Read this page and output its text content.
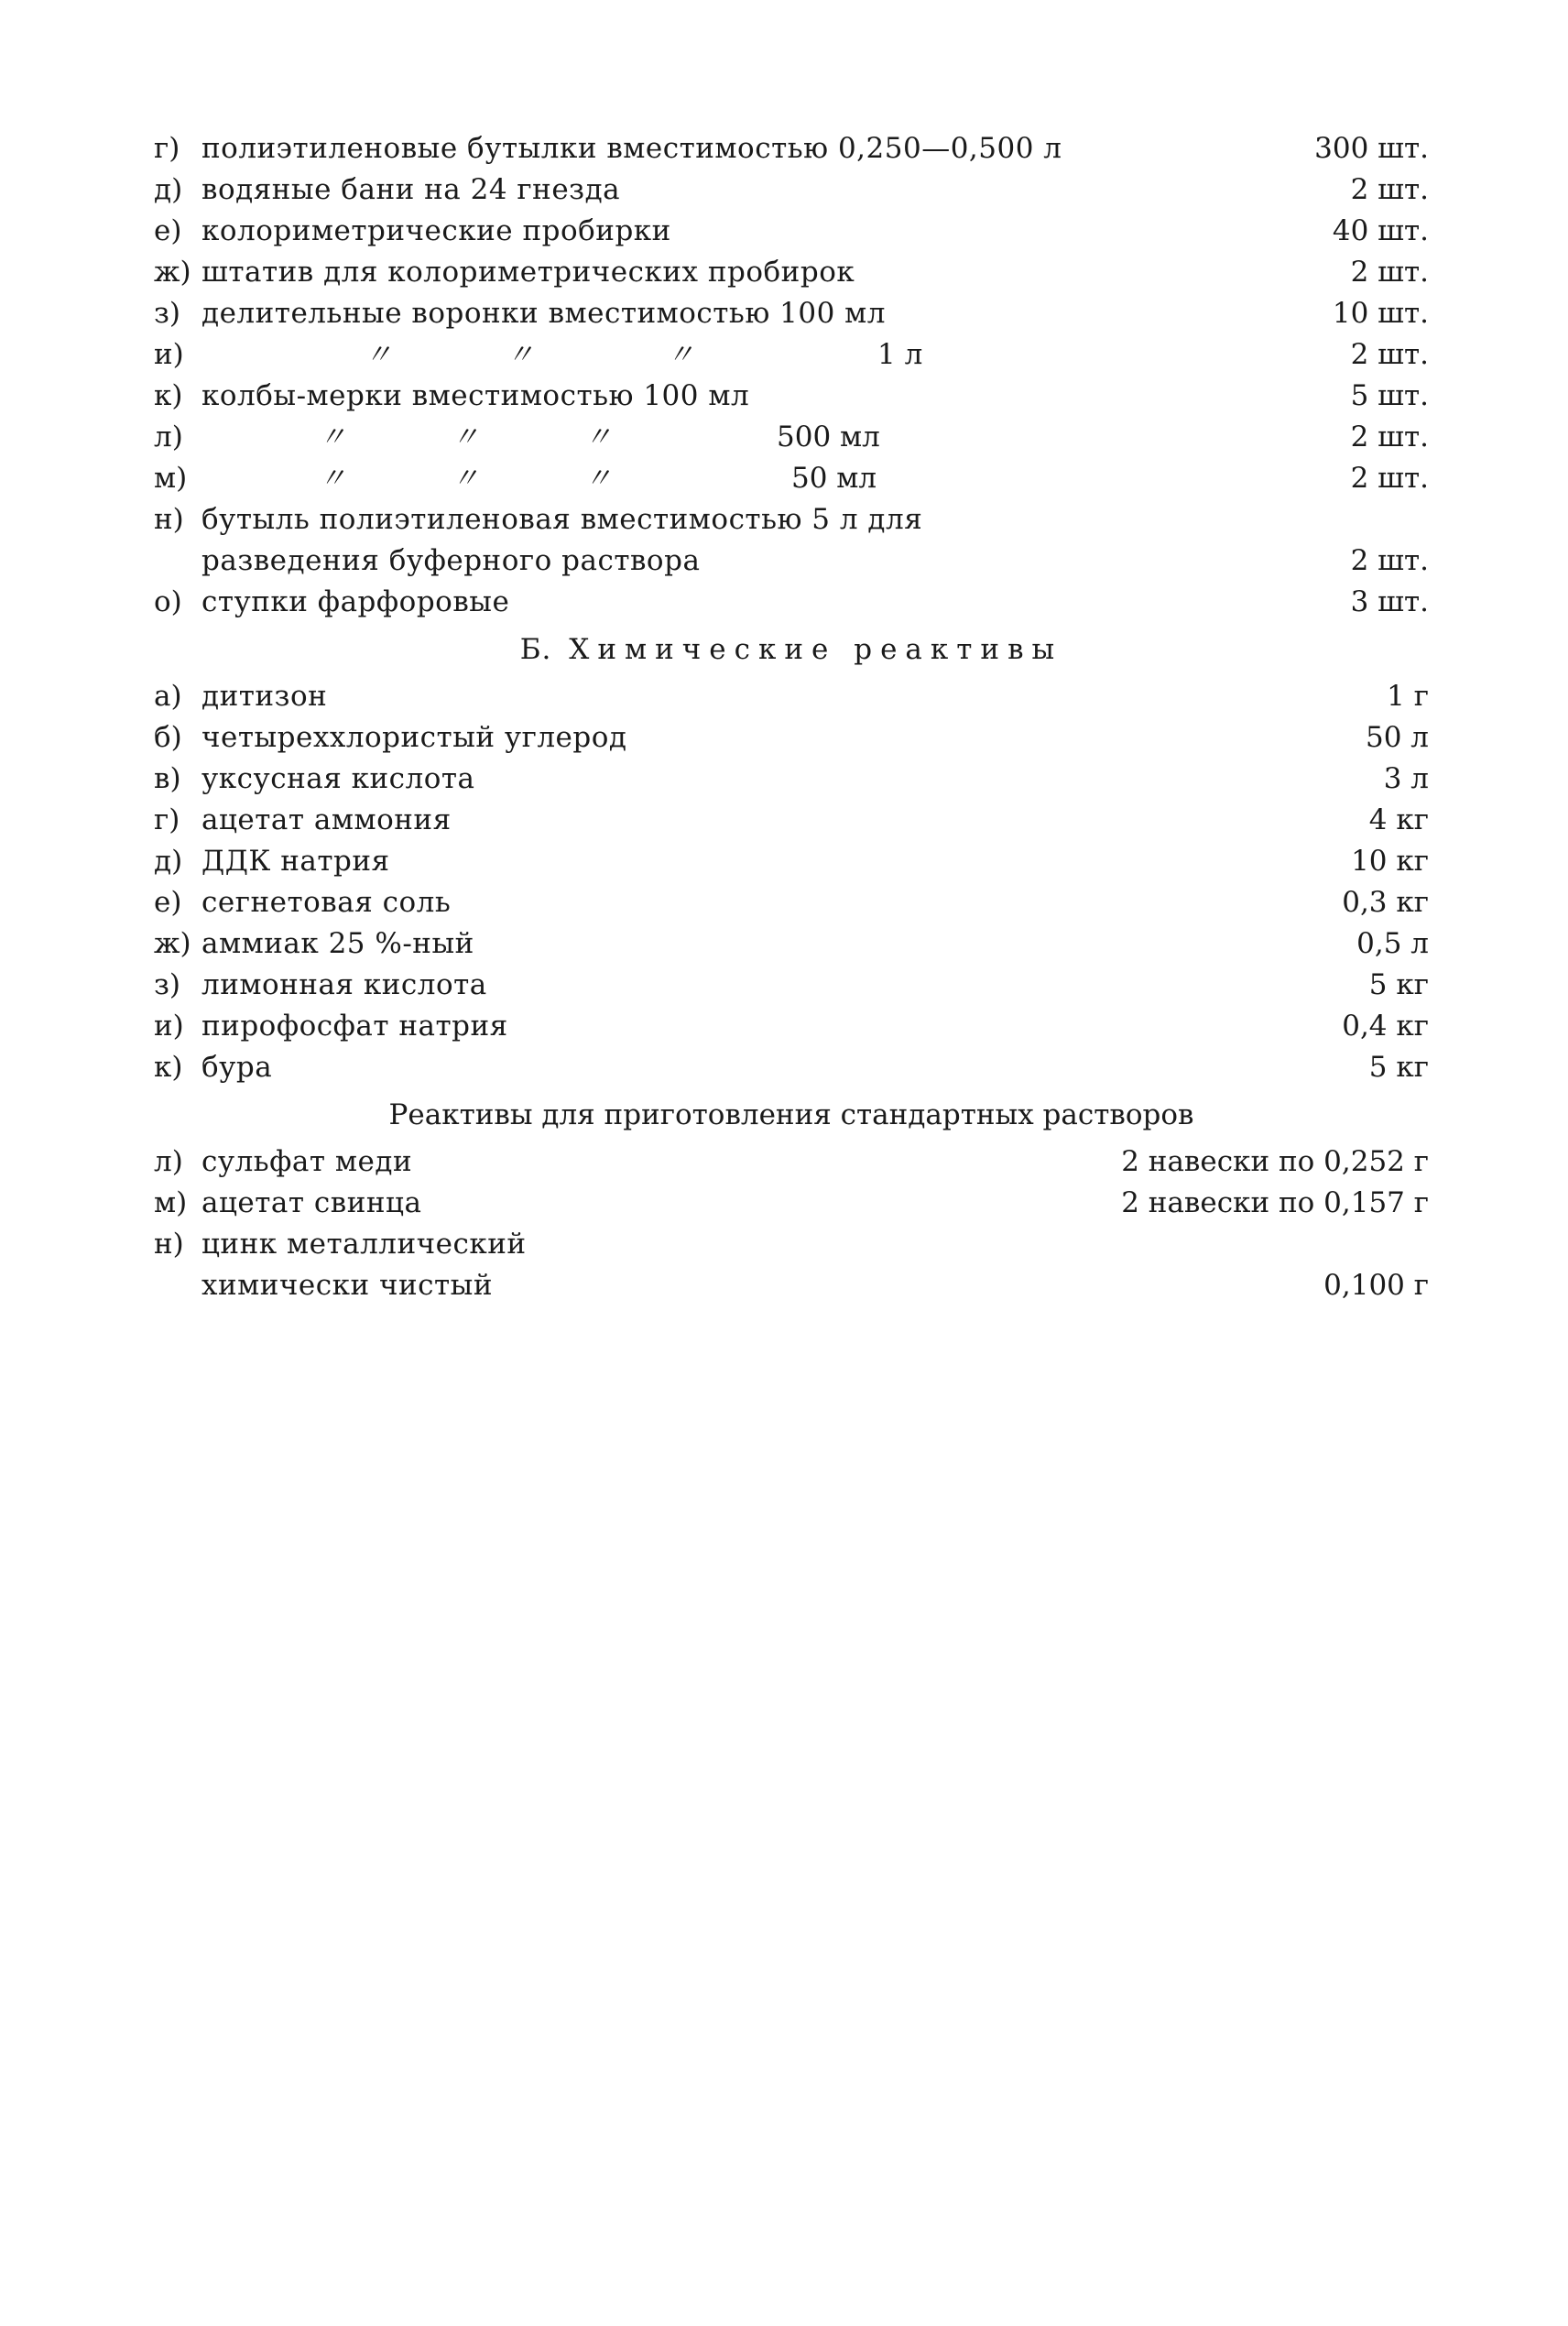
г) полиэтиленовые бутылки вместимостью 0,250—0,500 л	300 шт.
д) водяные бани на 24 гнезда	2 шт.
е) колориметрические пробирки	40 шт.
ж) штатив для колориметрических пробирок	2 шт.
з) делительные воронки вместимостью 100 мл	10 шт.
и)	〃	〃	〃	1 л	2 шт.
к) колбы-мерки вместимостью 100 мл	5 шт.
л)	〃	〃	〃	500 мл	2 шт.
м)	〃	〃	〃	50 мл	2 шт.
н) бутыль полиэтиленовая вместимостью 5 л для
разведения буферного раствора	2 шт.
о) ступки фарфоровые	3 шт.
Б. Химические реактивы
а) дитизон	1 г
б) четыреххлористый углерод	50 л
в) уксусная кислота	3 л
г) ацетат аммония	4 кг
д) ДДК натрия	10 кг
е) сегнетовая соль	0,3 кг
ж) аммиак 25 %-ный	0,5 л
з) лимонная кислота	5 кг
и) пирофосфат натрия	0,4 кг
к) бура	5 кг
Реактивы для приготовления стандартных растворов
л) сульфат меди	2 навески по 0,252 г
м) ацетат свинца	2 навески по 0,157 г
н) цинк металлический
химически чистый	0,100 г
